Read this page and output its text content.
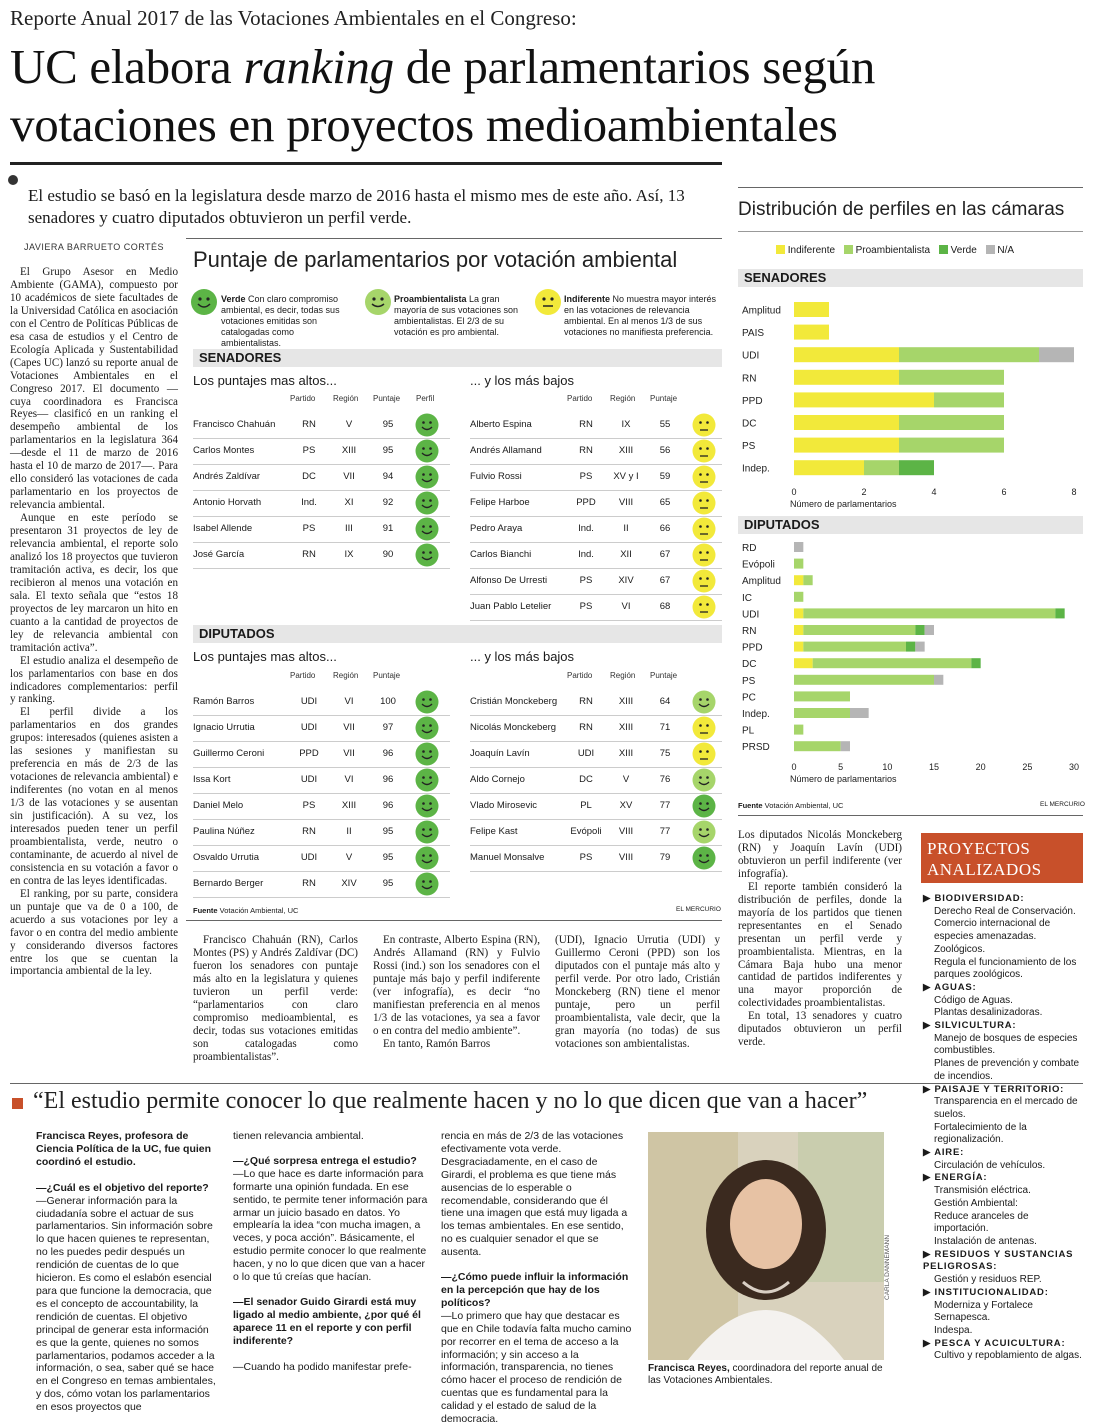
Reporte Anual 2017 de las Votaciones Ambientales en el Congreso:
UC elabora ranking de parlamentarios según votaciones en proyectos medioambientales
El estudio se basó en la legislatura desde marzo de 2016 hasta el mismo mes de este año. Así, 13 senadores y cuatro diputados obtuvieron un perfil verde.
JAVIERA BARRUETO CORTÉS

El Grupo Asesor en Medio Ambiente (GAMA), compuesto por 10 académicos de siete facultades de la Universidad Católica en asociación con el Centro de Políticas Públicas de esa casa de estudios y el Centro de Ecología Aplicada y Sustentabilidad (Capes UC) lanzó su reporte anual de Votaciones Ambientales en el Congreso 2017. El documento —cuya coordinadora es Francisca Reyes— clasificó en un ranking el desempeño ambiental de los parlamentarios en la legislatura 364 —desde el 11 de marzo de 2016 hasta el 10 de marzo de 2017—. Para ello consideró las votaciones de cada parlamentario en los proyectos de relevancia ambiental.

Aunque en este período se presentaron 31 proyectos de ley de relevancia ambiental, el reporte solo analizó los 18 proyectos que tuvieron tramitación activa, es decir, los que recibieron al menos una votación en sala. El texto señala que “estos 18 proyectos de ley marcaron un hito en cuanto a la cantidad de proyectos de ley de relevancia ambiental con tramitación activa”.

El estudio analiza el desempeño de los parlamentarios con base en dos indicadores complementarios: perfil y ranking.

El perfil divide a los parlamentarios en dos grandes grupos: interesados (quienes asisten a las sesiones y manifiestan su preferencia en más de 2/3 de las votaciones de relevancia ambiental) e indiferentes (no votan en al menos 1/3 de las votaciones y se ausentan sin justificación). A su vez, los interesados pueden tener un perfil proambientalista, verde, neutro o contaminante, de acuerdo al nivel de consistencia en su votación a favor o en contra de las leyes identificadas.

El ranking, por su parte, considera un puntaje que va de 0 a 100, de acuerdo a sus votaciones por ley a favor o en contra del medio ambiente y considerando diversos factores entre los que se cuentan la importancia ambiental de la ley.

Puntaje de parlamentarios por votación ambiental
Verde Con claro compromiso ambiental, es decir, todas sus votaciones emitidas son catalogadas como ambientalistas.
Proambientalista La gran mayoría de sus votaciones son ambientalistas. El 2/3 de su votación es pro ambiental.
Indiferente No muestra mayor interés en las votaciones de relevancia ambiental. En al menos 1/3 de sus votaciones no manifiesta preferencia.
SENADORES
Los puntajes mas altos...	... y los más bajos
Partido Región Puntaje Perfil
Francisco Chahuán	RN	V	95
Carlos Montes	PS	XIII	95
Andrés Zaldívar	DC	VII	94
Antonio Horvath	Ind.	XI	92
Isabel Allende	PS	III	91
José García	RN	IX	90
Partido Región Puntaje
Alberto Espina	RN	IX	55
Andrés Allamand	RN	XIII	56
Fulvio Rossi	PS	XV y I	59
Felipe Harboe	PPD	VIII	65
Pedro Araya	Ind.	II	66
Carlos Bianchi	Ind.	XII	67
Alfonso De Urresti	PS	XIV	67
Juan Pablo Letelier	PS	VI	68
DIPUTADOS
Los puntajes mas altos...	... y los más bajos
Partido Región Puntaje
Ramón Barros	UDI	VI	100
Ignacio Urrutia	UDI	VII	97
Guillermo Ceroni	PPD	VII	96
Issa Kort	UDI	VI	96
Daniel Melo	PS	XIII	96
Paulina Núñez	RN	II	95
Osvaldo Urrutia	UDI	V	95
Bernardo Berger	RN	XIV	95
Partido Región Puntaje
Cristián Monckeberg	RN	XIII	64
Nicolás Monckeberg	RN	XIII	71
Joaquín Lavín	UDI	XIII	75
Aldo Cornejo	DC	V	76
Vlado Mirosevic	PL	XV	77
Felipe Kast	Evópoli	VIII	77
Manuel Monsalve	PS	VIII	79
Fuente Votación Ambiental, UC	EL MERCURIO

Francisco Chahuán (RN), Carlos Montes (PS) y Andrés Zaldívar (DC) fueron los senadores con puntaje más alto en la legislatura y quienes tuvieron un perfil verde: “parlamentarios con claro compromiso medioambiental, es decir, todas sus votaciones emitidas son catalogadas como proambientalistas”.

En contraste, Alberto Espina (RN), Andrés Allamand (RN) y Fulvio Rossi (ind.) son los senadores con el puntaje más bajo y perfil indiferente (ver infografía), es decir “no manifiestan preferencia en al menos 1/3 de las votaciones, ya sea a favor o en contra del medio ambiente”.

En tanto, Ramón Barros

(UDI), Ignacio Urrutia (UDI) y Guillermo Ceroni (PPD) son los diputados con el puntaje más alto y perfil verde. Por otro lado, Cristián Monckeberg (RN) tiene el menor puntaje, pero un perfil proambientalista, vale decir, que la gran mayoría (no todas) de sus votaciones son ambientalistas.

Distribución de perfiles en las cámaras
Indiferente Proambientalista Verde N/A
SENADORES
Amplitud
PAIS
UDI
RN
PPD
DC
PS
Indep.
0	2	4	6	8
Número de parlamentarios
DIPUTADOS
RD
Evópoli
Amplitud
IC
UDI
RN
PPD
DC
PS
PC
Indep.
PL
PRSD
0	5	10	15	20	25	30
Número de parlamentarios
Fuente Votación Ambiental, UC	EL MERCURIO

Los diputados Nicolás Monckeberg (RN) y Joaquín Lavín (UDI) obtuvieron un perfil indiferente (ver infografía).

El reporte también consideró la distribución de perfiles, donde la mayoría de los partidos que tienen representantes en el Senado presentan un perfil verde y proambientalista. Mientras, en la Cámara Baja hubo una menor cantidad de partidos indiferentes y una mayor proporción de colectividades proambientalistas.

En total, 13 senadores y cuatro diputados obtuvieron un perfil verde.

PROYECTOS
ANALIZADOS
▶ BIODIVERSIDAD:
Derecho Real de Conservación.
Comercio internacional de especies amenazadas.
Zoológicos.
Regula el funcionamiento de los parques zoológicos.
▶ AGUAS:
Código de Aguas.
Plantas desalinizadoras.
▶ SILVICULTURA:
Manejo de bosques de especies combustibles.
Planes de prevención y combate de incendios.
▶ PAISAJE Y TERRITORIO:
Transparencia en el mercado de suelos.
Fortalecimiento de la regionalización.
▶ AIRE:
Circulación de vehículos.
▶ ENERGÍA:
Transmisión eléctrica.
Gestión Ambiental:
Reduce aranceles de importación.
Instalación de antenas.
▶ RESIDUOS Y SUSTANCIAS PELIGROSAS:
Gestión y residuos REP.
▶ INSTITUCIONALIDAD:
Moderniza y Fortalece Sernapesca.
Indespa.
▶ PESCA Y ACUICULTURA:
Cultivo y repoblamiento de algas.
“El estudio permite conocer lo que realmente hacen y no lo que dicen que van a hacer”

Francisca Reyes, profesora de Ciencia Política de la UC, fue quien coordinó el estudio.

—¿Cuál es el objetivo del reporte?

—Generar información para la ciudadanía sobre el actuar de sus parlamentarios. Sin información sobre lo que hacen quienes te representan, no les puedes pedir después un rendición de cuentas de lo que hicieron. Es como el eslabón esencial para que funcione la democracia, que es el concepto de accountability, la rendición de cuentas. El objetivo principal de generar esta información es que la gente, quienes no somos parlamentarios, podamos acceder a la información, o sea, saber qué se hace en el Congreso en temas ambientales, y dos, cómo votan los parlamentarios en esos proyectos que

tienen relevancia ambiental.

—¿Qué sorpresa entrega el estudio?

—Lo que hace es darte información para formarte una opinión fundada. En ese sentido, te permite tener información para armar un juicio basado en datos. Yo emplearía la idea “con mucha imagen, a veces, y poca acción”. Básicamente, el estudio permite conocer lo que realmente hacen, y no lo que dicen que van a hacer o lo que tú creías que hacían.

—El senador Guido Girardi está muy ligado al medio ambiente, ¿por qué él aparece 11 en el reporte y con perfil indiferente?

—Cuando ha podido manifestar prefe-

rencia en más de 2/3 de las votaciones efectivamente vota verde. Desgraciadamente, en el caso de Girardi, el problema es que tiene más ausencias de lo esperable o recomendable, considerando que él tiene una imagen que está muy ligada a los temas ambientales. En ese sentido, no es cualquier senador el que se ausenta.

—¿Cómo puede influir la información en la percepción que hay de los políticos?

—Lo primero que hay que destacar es que en Chile todavía falta mucho camino por recorrer en el tema de acceso a la información; y sin acceso a la información, transparencia, no tienes cómo hacer el proceso de rendición de cuentas que es fundamental para la calidad y el estado de salud de la democracia.

CARLA DANNEMANN
Francisca Reyes, coordinadora del reporte anual de las Votaciones Ambientales.
